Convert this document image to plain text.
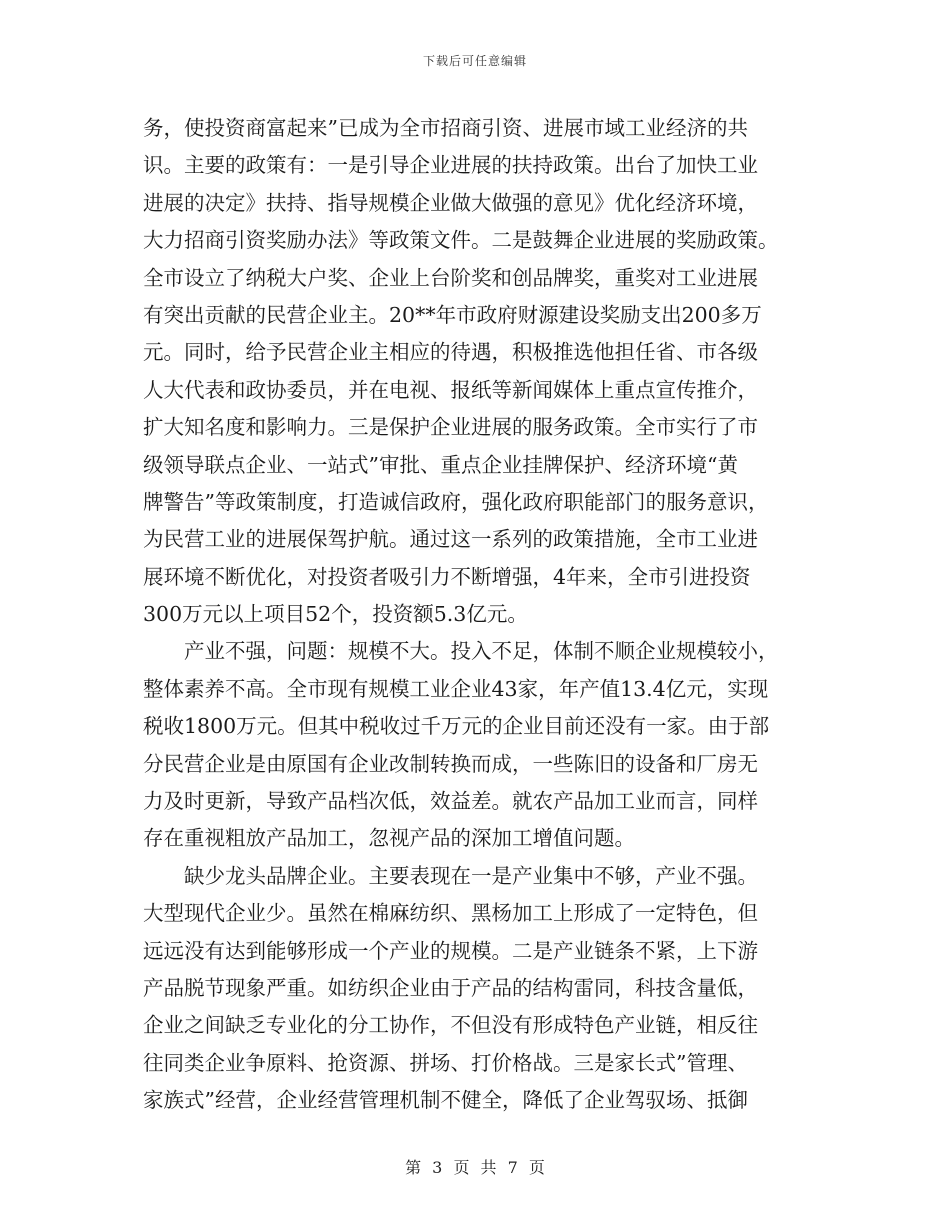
下载后可任意编辑
务，使投资商富起来”已成为全市招商引资、进展市域工业经济的共
识。主要的政策有：一是引导企业进展的扶持政策。出台了加快工业
进展的决定》扶持、指导规模企业做大做强的意见》优化经济环境，
大力招商引资奖励办法》等政策文件。二是鼓舞企业进展的奖励政策。
全市设立了纳税大户奖、企业上台阶奖和创品牌奖，重奖对工业进展
有突出贡献的民营企业主。20**年市政府财源建设奖励支出200多万
元。同时，给予民营企业主相应的待遇，积极推选他担任省、市各级
人大代表和政协委员，并在电视、报纸等新闻媒体上重点宣传推介，
扩大知名度和影响力。三是保护企业进展的服务政策。全市实行了市
级领导联点企业、一站式”审批、重点企业挂牌保护、经济环境“黄
牌警告”等政策制度，打造诚信政府，强化政府职能部门的服务意识，
为民营工业的进展保驾护航。通过这一系列的政策措施，全市工业进
展环境不断优化，对投资者吸引力不断增强，4年来，全市引进投资
300万元以上项目52个，投资额5.3亿元。
产业不强，问题：规模不大。投入不足，体制不顺企业规模较小，
整体素养不高。全市现有规模工业企业43家，年产值13.4亿元，实现
税收1800万元。但其中税收过千万元的企业目前还没有一家。由于部
分民营企业是由原国有企业改制转换而成，一些陈旧的设备和厂房无
力及时更新，导致产品档次低，效益差。就农产品加工业而言，同样
存在重视粗放产品加工，忽视产品的深加工增值问题。
缺少龙头品牌企业。主要表现在一是产业集中不够，产业不强。
大型现代企业少。虽然在棉麻纺织、黑杨加工上形成了一定特色，但
远远没有达到能够形成一个产业的规模。二是产业链条不紧，上下游
产品脱节现象严重。如纺织企业由于产品的结构雷同，科技含量低，
企业之间缺乏专业化的分工协作，不但没有形成特色产业链，相反往
往同类企业争原料、抢资源、拼场、打价格战。三是家长式”管理、
家族式”经营，企业经营管理机制不健全，降低了企业驾驭场、抵御
第 3 页 共 7 页
